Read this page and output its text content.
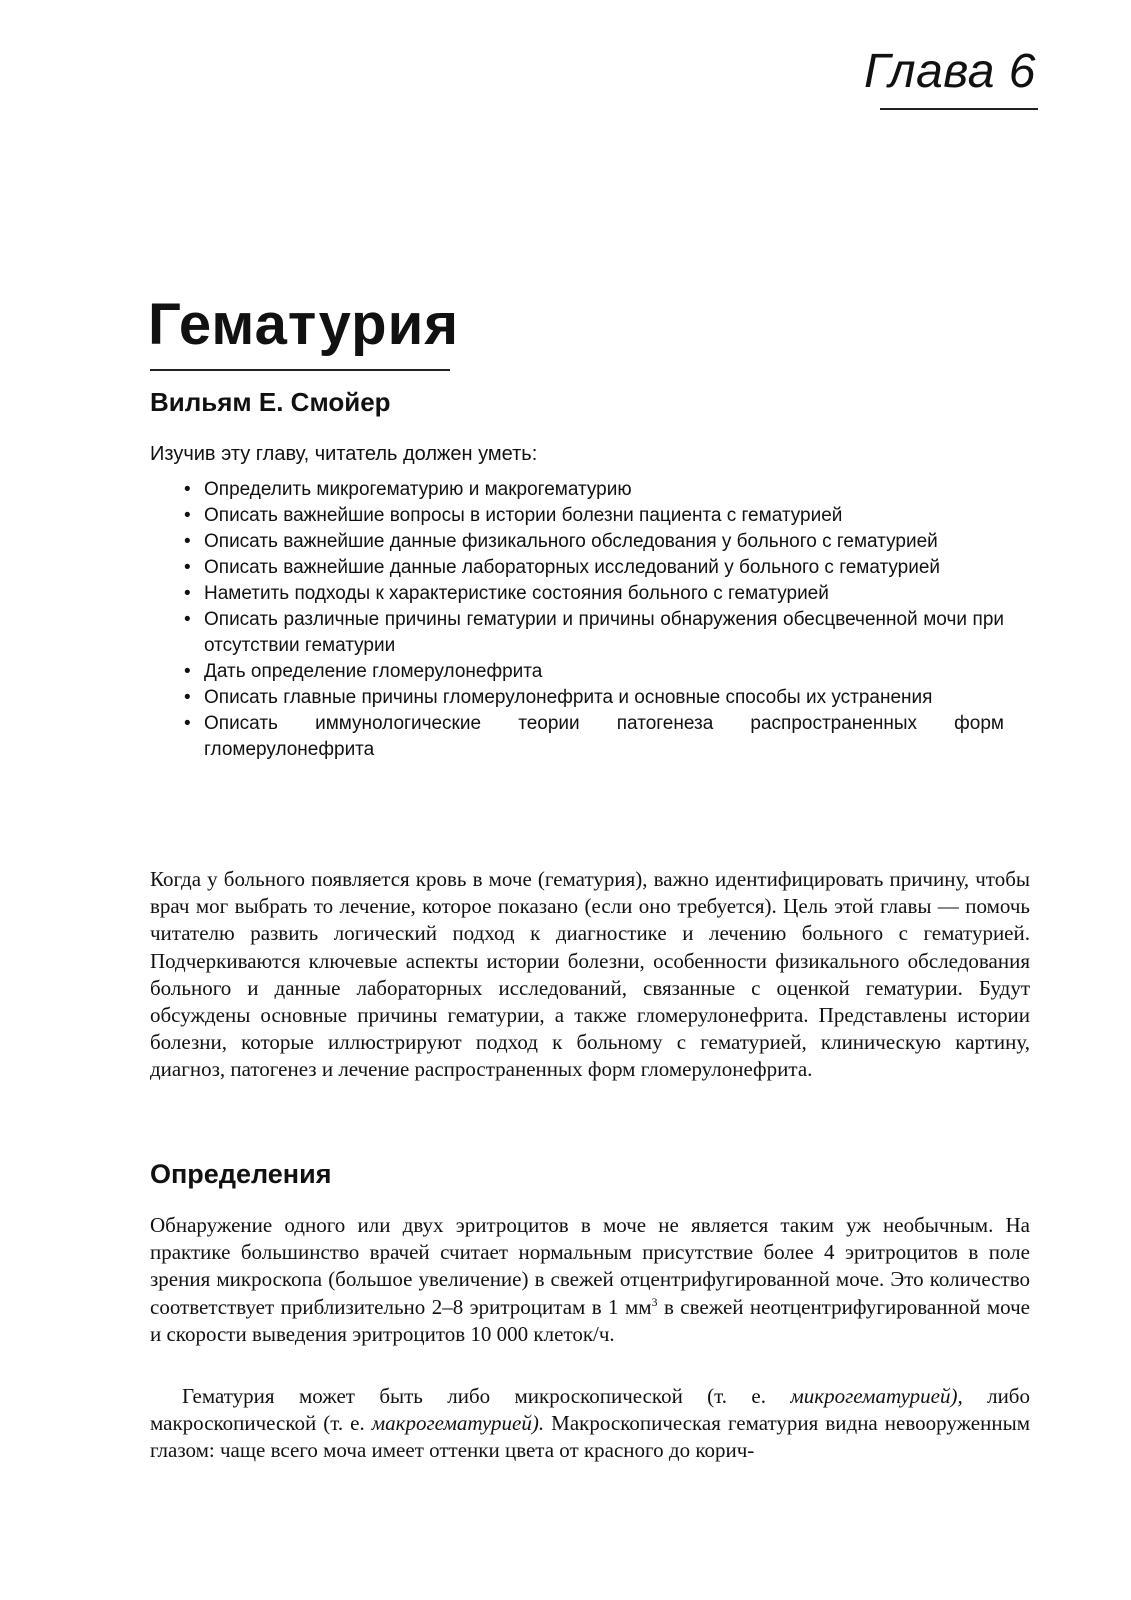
Глава 6
Гематурия
Вильям Е. Смойер

Изучив эту главу, читатель должен уметь:

• Определить микрогематурию и макрогематурию
• Описать важнейшие вопросы в истории болезни пациента с гематурией
• Описать важнейшие данные физикального обследования у больного с гематурией
• Описать важнейшие данные лабораторных исследований у больного с гематурией
• Наметить подходы к характеристике состояния больного с гематурией
• Описать различные причины гематурии и причины обнаружения обесцвеченной мочи при отсутствии гематурии
• Дать определение гломерулонефрита
• Описать главные причины гломерулонефрита и основные способы их устранения
• Описать иммунологические теории патогенеза распространенных форм гломерулонефрита

Когда у больного появляется кровь в моче (гематурия), важно идентифицировать причину, чтобы врач мог выбрать то лечение, которое показано (если оно требуется). Цель этой главы — помочь читателю развить логический подход к диагностике и лечению больного с гематурией. Подчеркиваются ключевые аспекты истории болезни, особенности физикального обследования больного и данные лабораторных исследований, связанные с оценкой гематурии. Будут обсуждены основные причины гематурии, а также гломерулонефрита. Представлены истории болезни, которые иллюстрируют подход к больному с гематурией, клиническую картину, диагноз, патогенез и лечение распространенных форм гломерулонефрита.

Определения

Обнаружение одного или двух эритроцитов в моче не является таким уж необычным. На практике большинство врачей считает нормальным присутствие более 4 эритроцитов в поле зрения микроскопа (большое увеличение) в свежей отцентрифугированной моче. Это количество соответствует приблизительно 2–8 эритроцитам в 1 $мм^3$ в свежей неотцентрифугированной моче и скорости выведения эритроцитов 10 000 клеток/ч.

Гематурия может быть либо микроскопической (т. е. микрогематурией), либо макроскопической (т. е. макрогематурией). Макроскопическая гематурия видна невооруженным глазом: чаще всего моча имеет оттенки цвета от красного до корич-
